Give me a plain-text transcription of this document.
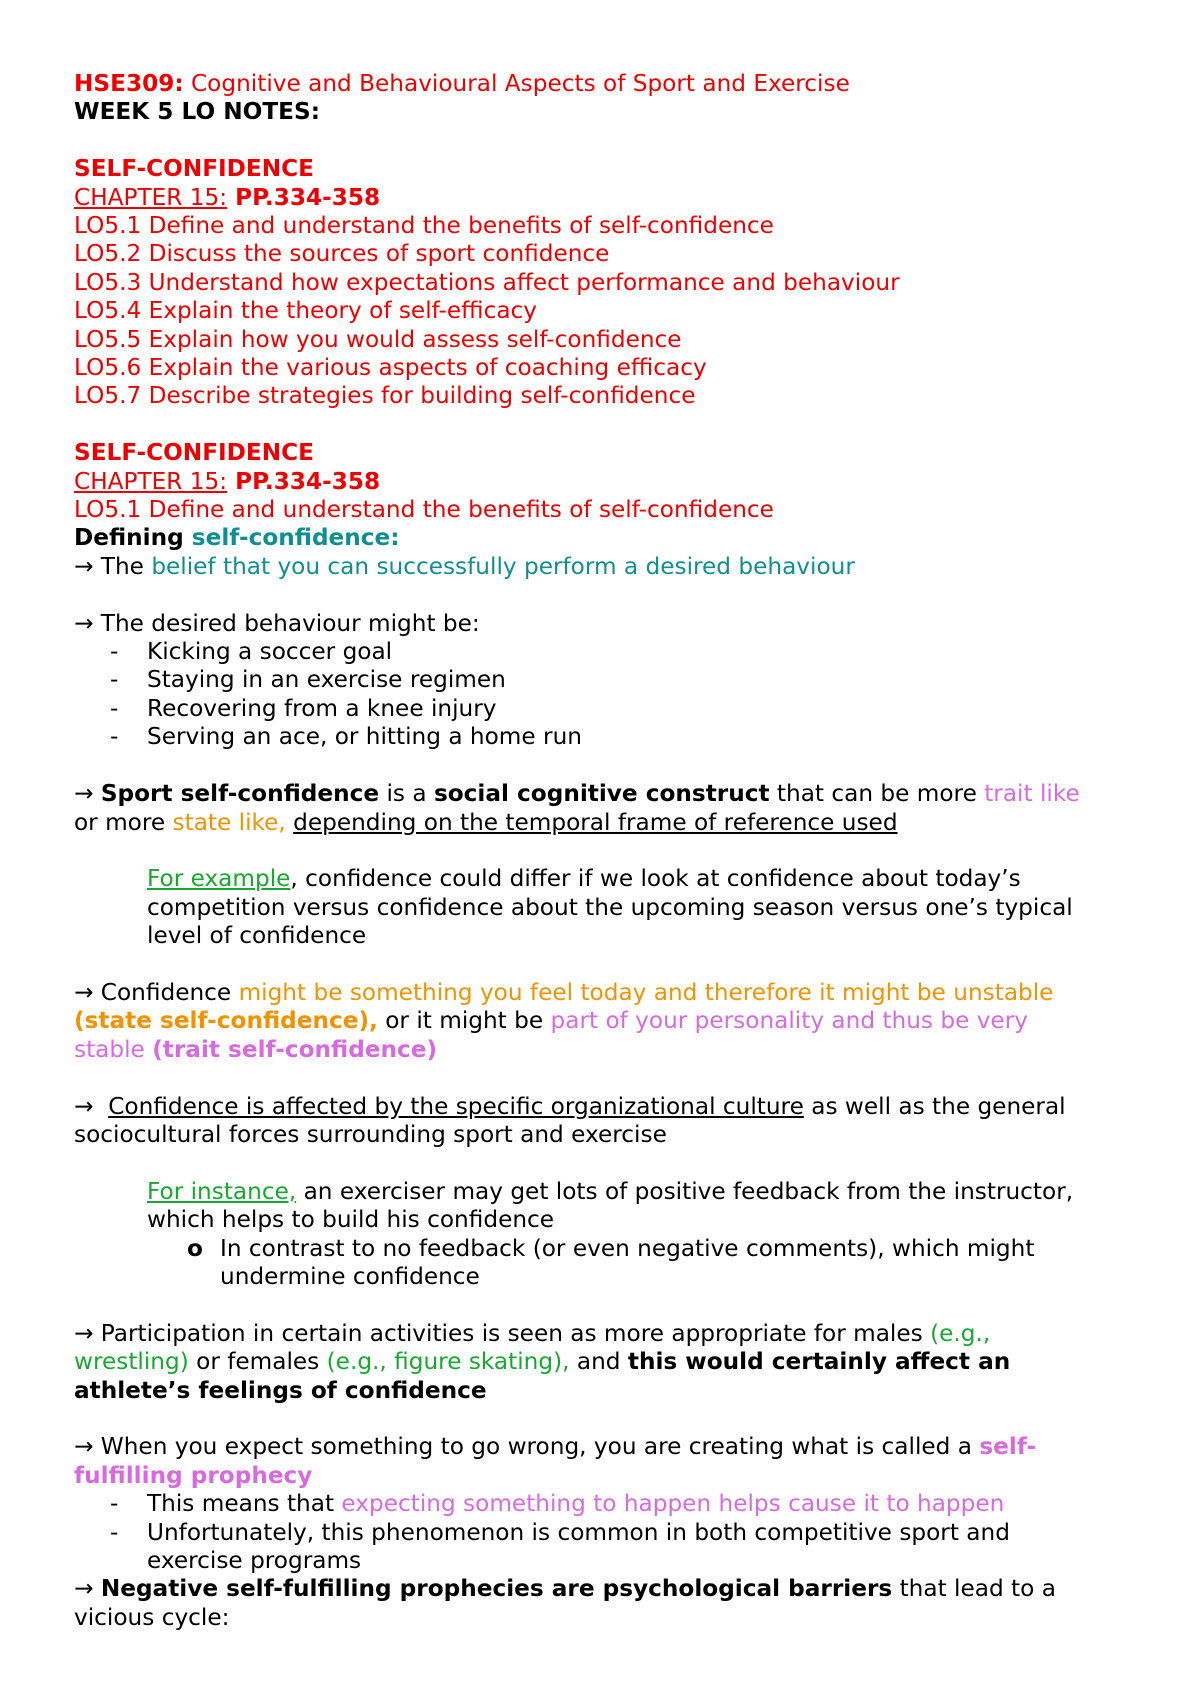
HSE309: Cognitive and Behavioural Aspects of Sport and Exercise
WEEK 5 LO NOTES:
SELF-CONFIDENCE
CHAPTER 15: PP.334-358
LO5.1 Define and understand the benefits of self-confidence
LO5.2 Discuss the sources of sport confidence
LO5.3 Understand how expectations affect performance and behaviour
LO5.4 Explain the theory of self-efficacy
LO5.5 Explain how you would assess self-confidence
LO5.6 Explain the various aspects of coaching efficacy
LO5.7 Describe strategies for building self-confidence
SELF-CONFIDENCE
CHAPTER 15: PP.334-358
LO5.1 Define and understand the benefits of self-confidence
Defining self-confidence:
→ The belief that you can successfully perform a desired behaviour
→ The desired behaviour might be:
- Kicking a soccer goal
- Staying in an exercise regimen
- Recovering from a knee injury
- Serving an ace, or hitting a home run
→ Sport self-confidence is a social cognitive construct that can be more trait like
or more state like, depending on the temporal frame of reference used
For example, confidence could differ if we look at confidence about today’s
competition versus confidence about the upcoming season versus one’s typical
level of confidence
→ Confidence might be something you feel today and therefore it might be unstable
(state self-confidence), or it might be part of your personality and thus be very
stable (trait self-confidence)
→ Confidence is affected by the specific organizational culture as well as the general
sociocultural forces surrounding sport and exercise
For instance, an exerciser may get lots of positive feedback from the instructor,
which helps to build his confidence
o In contrast to no feedback (or even negative comments), which might
undermine confidence
→ Participation in certain activities is seen as more appropriate for males (e.g.,
wrestling) or females (e.g., figure skating), and this would certainly affect an
athlete’s feelings of confidence
→ When you expect something to go wrong, you are creating what is called a self-
fulfilling prophecy
- This means that expecting something to happen helps cause it to happen
- Unfortunately, this phenomenon is common in both competitive sport and
exercise programs
→ Negative self-fulfilling prophecies are psychological barriers that lead to a
vicious cycle:
